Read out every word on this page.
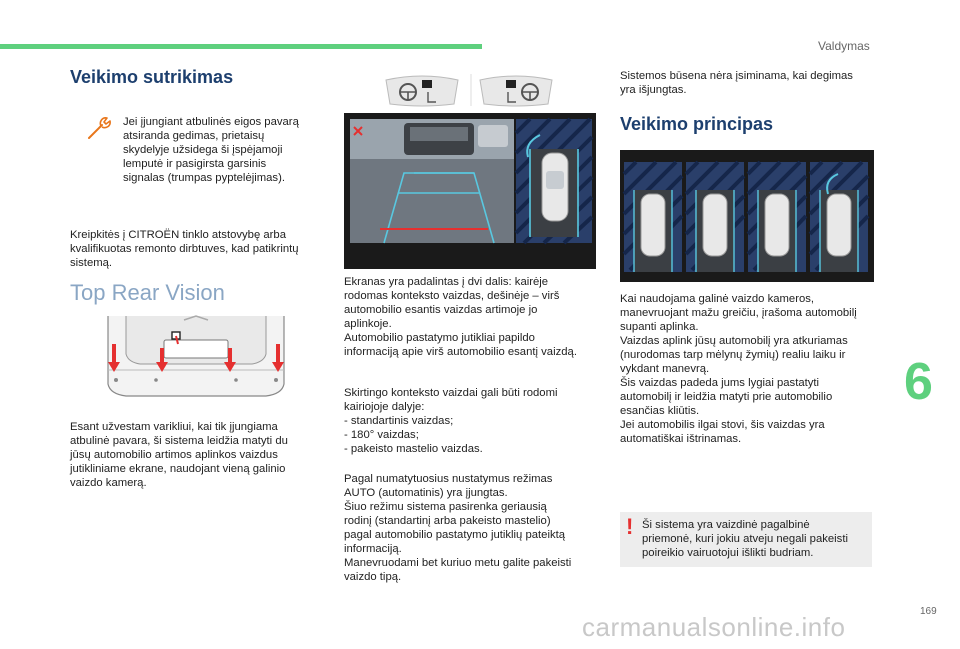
Valdymas
6
169
carmanualsonline.info
Veikimo sutrikimas
Jei įjungiant atbulinės eigos pavarą
atsiranda gedimas, prietaisų
skydelyje užsidega ši įspėjamoji
lemputė ir pasigirsta garsinis
signalas (trumpas pyptelėjimas).
Kreipkitės į CITROËN tinklo atstovybę arba
kvalifikuotas remonto dirbtuves, kad patikrintų
sistemą.
Top Rear Vision
Esant užvestam varikliui, kai tik įjungiama
atbulinė pavara, ši sistema leidžia matyti du
jūsų automobilio artimos aplinkos vaizdus
jutikliniame ekrane, naudojant vieną galinio
vaizdo kamerą.
Ekranas yra padalintas į dvi dalis: kairėje
rodomas konteksto vaizdas, dešinėje – virš
automobilio esantis vaizdas artimoje jo
aplinkoje.
Automobilio pastatymo jutikliai papildo
informaciją apie virš automobilio esantį vaizdą.
Skirtingo konteksto vaizdai gali būti rodomi
kairiojoje dalyje:
- standartinis vaizdas;
- 180° vaizdas;
- pakeisto mastelio vaizdas.
Pagal numatytuosius nustatymus režimas
AUTO (automatinis) yra įjungtas.
Šiuo režimu sistema pasirenka geriausią
rodinį (standartinį arba pakeisto mastelio)
pagal automobilio pastatymo jutiklių pateiktą
informaciją.
Manevruodami bet kuriuo metu galite pakeisti
vaizdo tipą.
Sistemos būsena nėra įsiminama, kai degimas
yra išjungtas.
Veikimo principas
Kai naudojama galinė vaizdo kameros,
manevruojant mažu greičiu, įrašoma automobilį
supanti aplinka.
Vaizdas aplink jūsų automobilį yra atkuriamas
(nurodomas tarp mėlynų žymių) realiu laiku ir
vykdant manevrą.
Šis vaizdas padeda jums lygiai pastatyti
automobilį ir leidžia matyti prie automobilio
esančias kliūtis.
Jei automobilis ilgai stovi, šis vaizdas yra
automatiškai ištrinamas.
! Ši sistema yra vaizdinė pagalbinė
priemonė, kuri jokiu atveju negali pakeisti
poireikio vairuotojui išlikti budriam.
